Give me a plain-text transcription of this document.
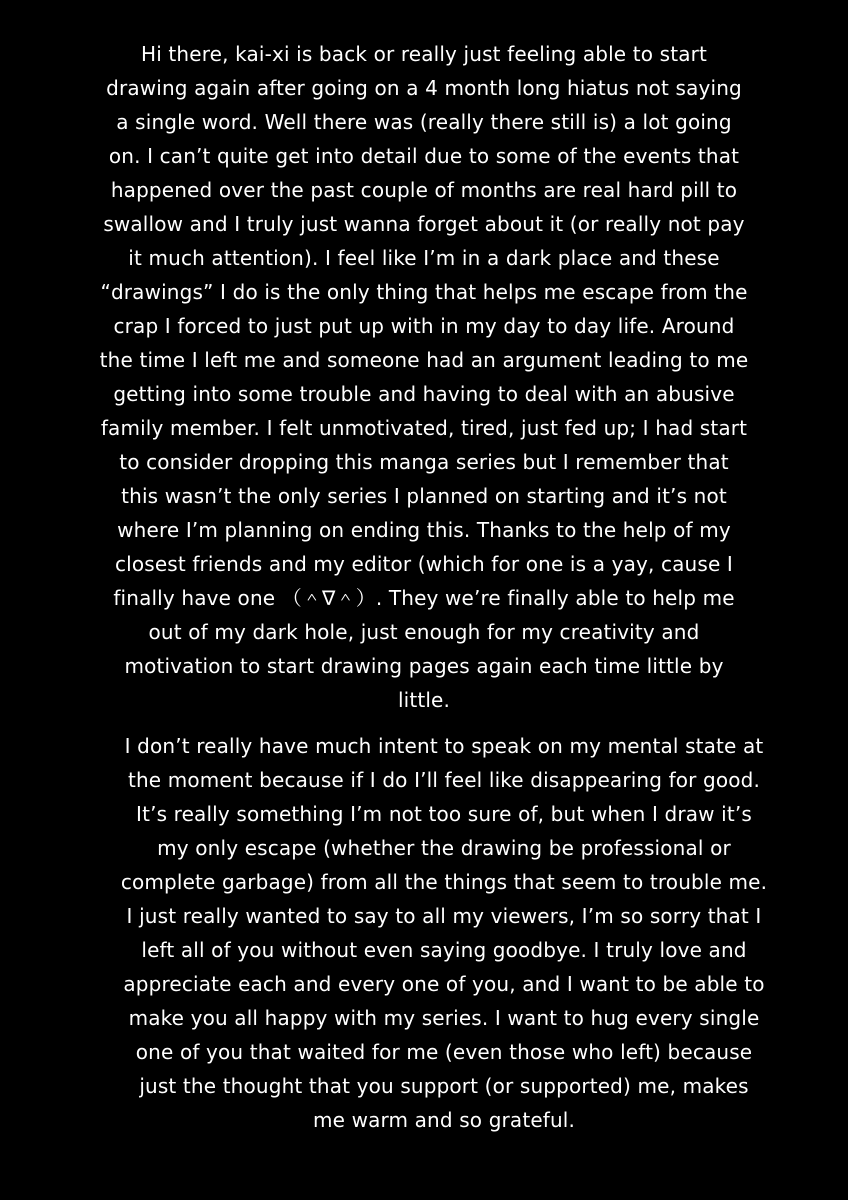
Hi there, kai-xi is back or really just feeling able to start
drawing again after going on a 4 month long hiatus not saying
a single word. Well there was (really there still is) a lot going
on. I can’t quite get into detail due to some of the events that
happened over the past couple of months are real hard pill to
swallow and I truly just wanna forget about it (or really not pay
it much attention). I feel like I’m in a dark place and these
“drawings” I do is the only thing that helps me escape from the
crap I forced to just put up with in my day to day life. Around
the time I left me and someone had an argument leading to me
getting into some trouble and having to deal with an abusive
family member. I felt unmotivated, tired, just fed up; I had start
to consider dropping this manga series but I remember that
this wasn’t the only series I planned on starting and it’s not
where I’m planning on ending this. Thanks to the help of my
closest friends and my editor (which for one is a yay, cause I
finally have one （＾∇＾）. They we’re finally able to help me
out of my dark hole, just enough for my creativity and
motivation to start drawing pages again each time little by
little.
I don’t really have much intent to speak on my mental state at
the moment because if I do I’ll feel like disappearing for good.
It’s really something I’m not too sure of, but when I draw it’s
my only escape (whether the drawing be professional or
complete garbage) from all the things that seem to trouble me.
I just really wanted to say to all my viewers, I’m so sorry that I
left all of you without even saying goodbye. I truly love and
appreciate each and every one of you, and I want to be able to
make you all happy with my series. I want to hug every single
one of you that waited for me (even those who left) because
just the thought that you support (or supported) me, makes
me warm and so grateful.
